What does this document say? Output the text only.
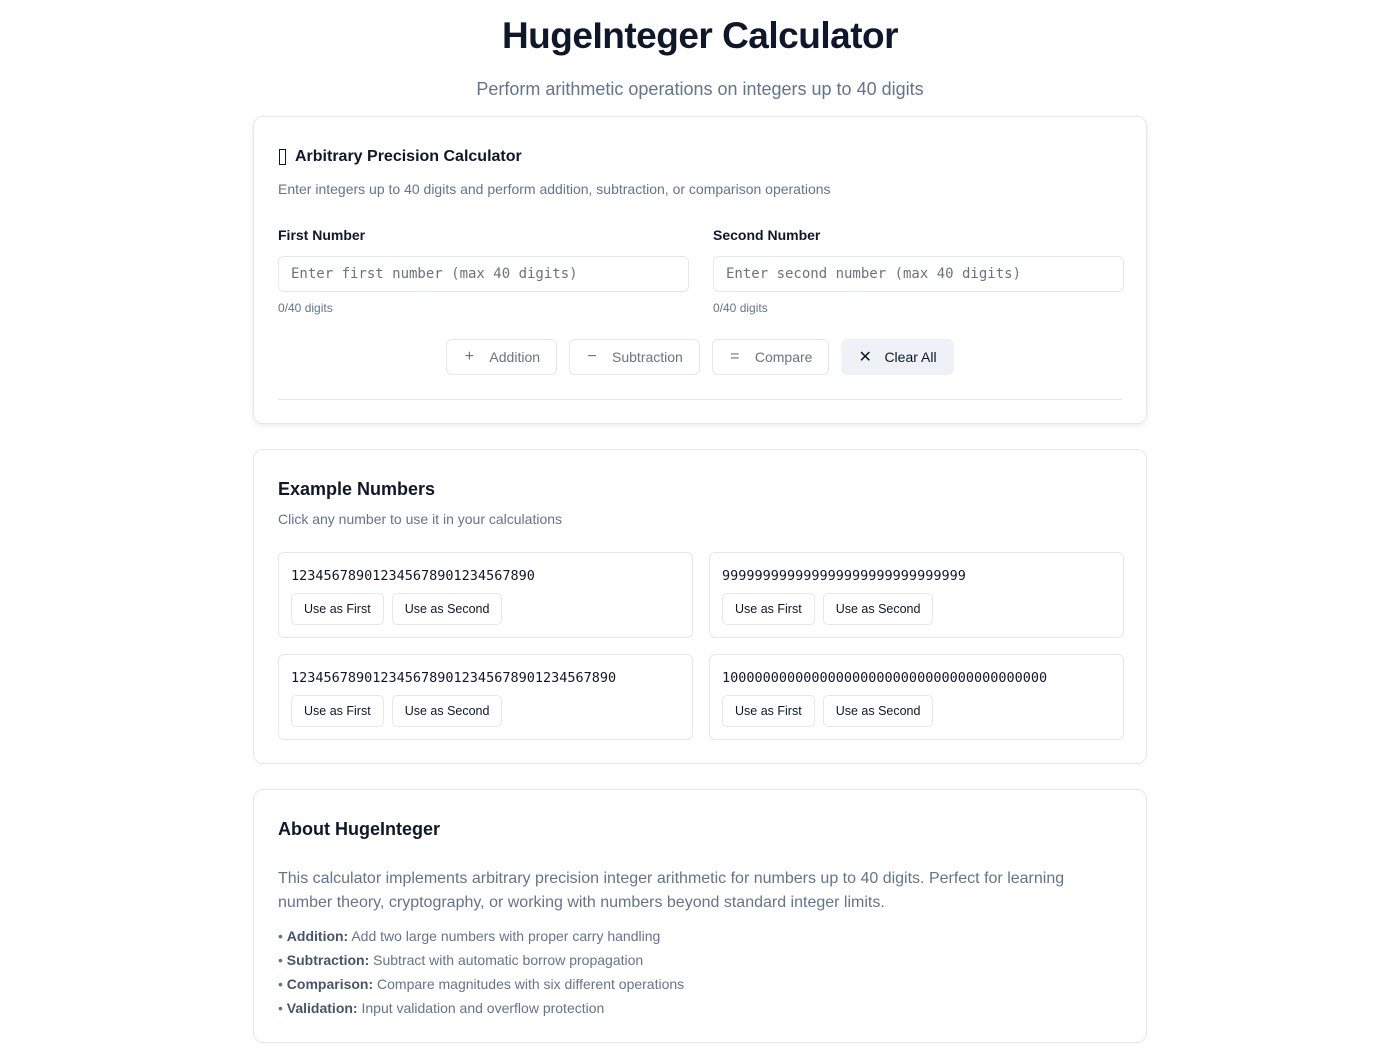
HugeInteger Calculator

Perform arithmetic operations on integers up to 40 digits

Arbitrary Precision Calculator

Enter integers up to 40 digits and perform addition, subtraction, or comparison operations

First Number
Enter first number (max 40 digits)
0/40 digits
Second Number
Enter second number (max 40 digits)
0/40 digits
+ Addition	− Subtraction	= Compare	✕ Clear All
Example Numbers

Click any number to use it in your calculations

123456789012345678901234567890
Use as First	Use as Second
999999999999999999999999999999
Use as First	Use as Second
1234567890123456789012345678901234567890
Use as First	Use as Second
1000000000000000000000000000000000000000
Use as First	Use as Second
About HugeInteger

This calculator implements arbitrary precision integer arithmetic for numbers up to 40 digits. Perfect for learning number theory, cryptography, or working with numbers beyond standard integer limits.

• Addition: Add two large numbers with proper carry handling
• Subtraction: Subtract with automatic borrow propagation
• Comparison: Compare magnitudes with six different operations
• Validation: Input validation and overflow protection
